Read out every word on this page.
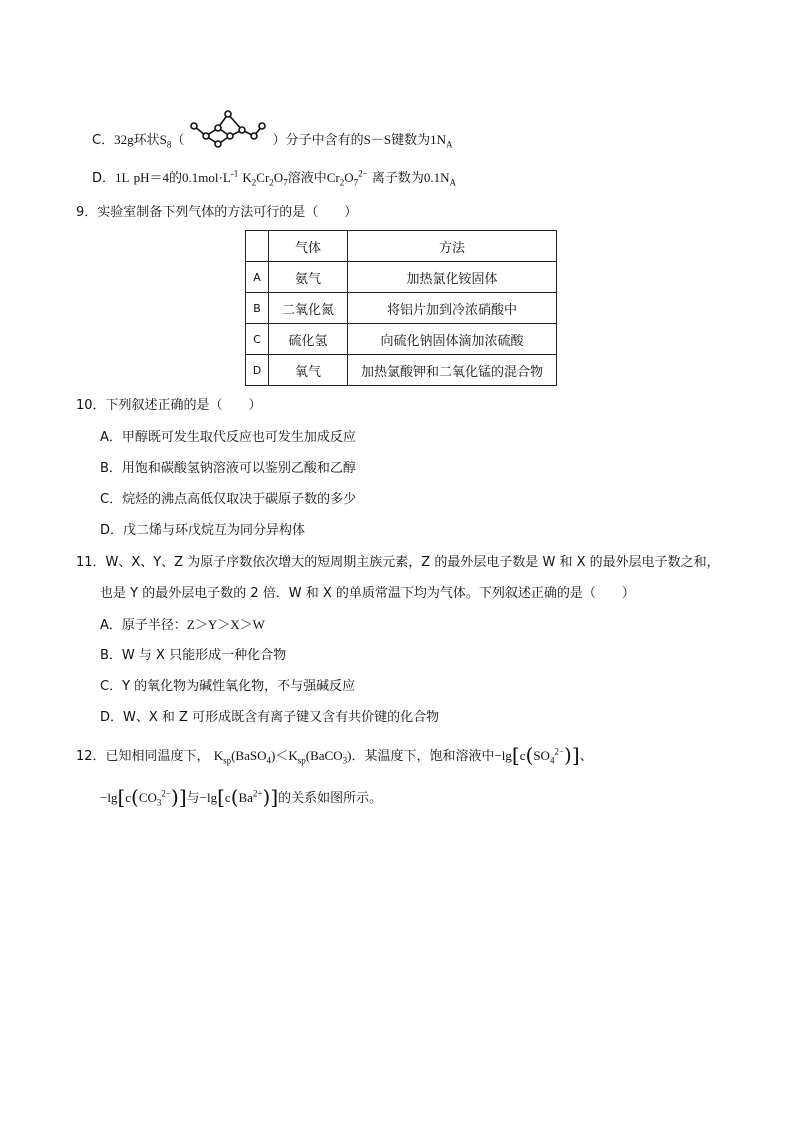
C．32g环状$S_8$（	）分子中含有的S－S键数为$1N_A$
D．1L pH＝4的$0.1mol\cdot L^{-1}$ $K_2Cr_2O_7$溶液中$Cr_2O_7^{2-}$ 离子数为$0.1N_A$
9．实验室制备下列气体的方法可行的是（　　）
	气体	方法
A	氨气	加热氯化铵固体
B	二氧化氮	将铝片加到冷浓硝酸中
C	硫化氢	向硫化钠固体滴加浓硫酸
D	氧气	加热氯酸钾和二氧化锰的混合物
10．下列叙述正确的是（　　）
A．甲醇既可发生取代反应也可发生加成反应
B．用饱和碳酸氢钠溶液可以鉴别乙酸和乙醇
C．烷烃的沸点高低仅取决于碳原子数的多少
D．戊二烯与环戊烷互为同分异构体
11．W、X、Y、Z 为原子序数依次增大的短周期主族元素，Z 的最外层电子数是 W 和 X 的最外层电子数之和，
也是 Y 的最外层电子数的 2 倍．W 和 X 的单质常温下均为气体。下列叙述正确的是（　　）
A．原子半径：Z＞Y＞X＞W
B．W 与 X 只能形成一种化合物
C．Y 的氧化物为碱性氧化物，不与强碱反应
D．W、X 和 Z 可形成既含有离子键又含有共价键的化合物
12．已知相同温度下， $K_{sp}(BaSO_4)<K_{sp}(BaCO_3)$．某温度下，饱和溶液中$-\lg[c(SO_4^{2-})]$、
$-\lg[c(CO_3^{2-})]$与$-\lg[c(Ba^{2+})]$的关系如图所示。
